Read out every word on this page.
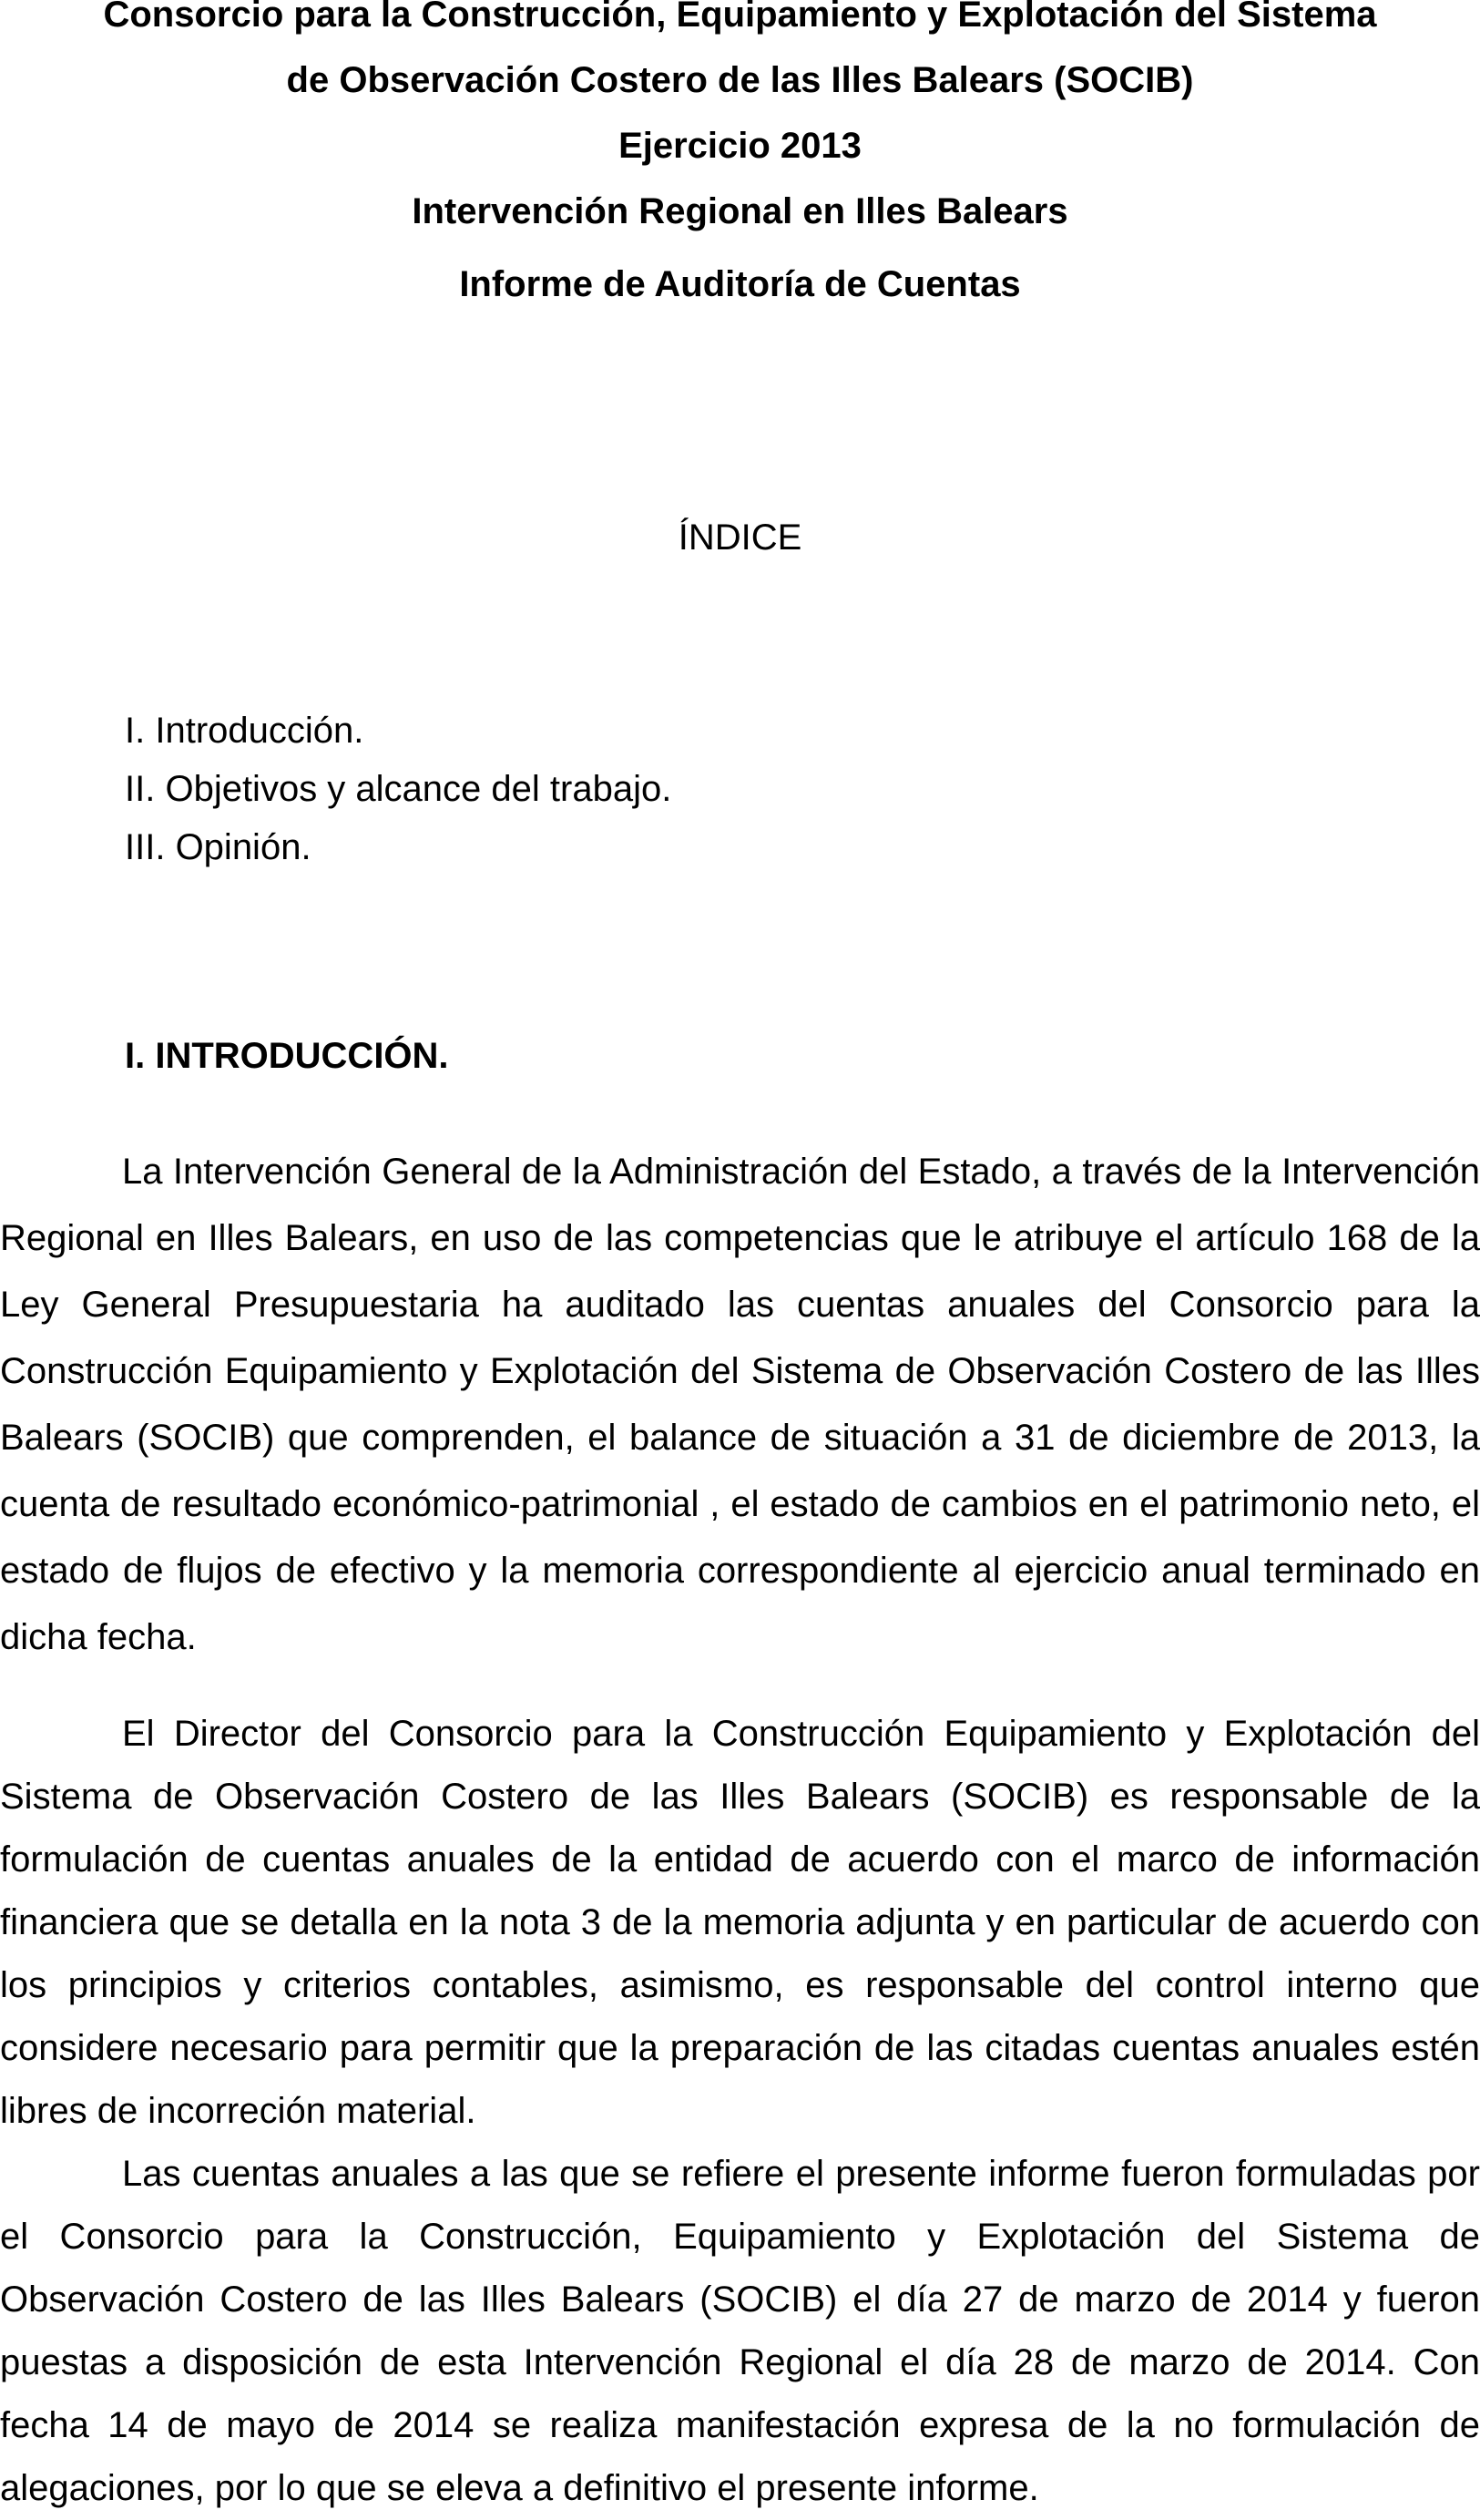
Consorcio para la Construcción, Equipamiento y Explotación del Sistema
de Observación Costero de las Illes Balears (SOCIB)
Ejercicio 2013
Intervención Regional en Illes Balears
Informe de Auditoría de Cuentas
ÍNDICE
I. Introducción.
II. Objetivos y alcance del trabajo.
III. Opinión.
I. INTRODUCCIÓN.

La Intervención General de la Administración del Estado, a través de la Intervención Regional en Illes Balears, en uso de las competencias que le atribuye el artículo 168 de la Ley General Presupuestaria ha auditado las cuentas anuales del Consorcio para la Construcción Equipamiento y Explotación del Sistema de Observación Costero de las Illes Balears (SOCIB) que comprenden, el balance de situación a 31 de diciembre de 2013, la cuenta de resultado económico-patrimonial , el estado de cambios en el patrimonio neto, el estado de flujos de efectivo y la memoria correspondiente al ejercicio anual terminado en dicha fecha.

El Director del Consorcio para la Construcción Equipamiento y Explotación del Sistema de Observación Costero de las Illes Balears (SOCIB) es responsable de la formulación de cuentas anuales de la entidad de acuerdo con el marco de información financiera que se detalla en la nota 3 de la memoria adjunta y en particular de acuerdo con los principios y criterios contables, asimismo, es responsable del control interno que considere necesario para permitir que la preparación de las citadas cuentas anuales estén libres de incorreción material.

Las cuentas anuales a las que se refiere el presente informe fueron formuladas por el Consorcio para la Construcción, Equipamiento y Explotación del Sistema de Observación Costero de las Illes Balears (SOCIB) el día 27 de marzo de 2014 y fueron puestas a disposición de esta Intervención Regional el día 28 de marzo de 2014. Con fecha 14 de mayo de 2014 se realiza manifestación expresa de la no formulación de alegaciones, por lo que se eleva a definitivo el presente informe.
